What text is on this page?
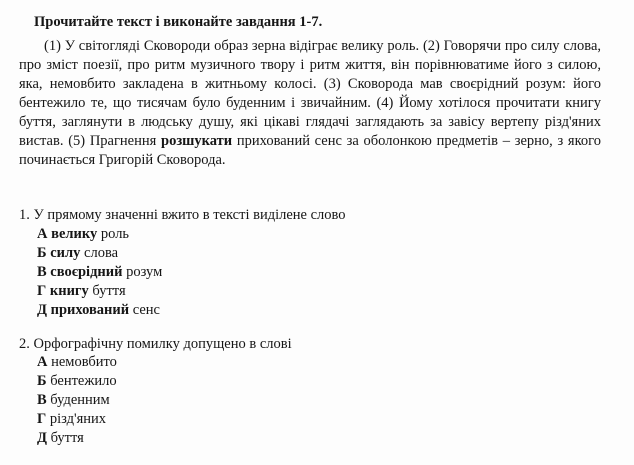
Прочитайте текст і виконайте завдання 1-7.
(1) У світогляді Сковороди образ зерна відіграє велику роль. (2) Говорячи про силу слова, про зміст поезії, про ритм музичного твору і ритм життя, він порівнюватиме його з силою, яка, немовбито закладена в житньому колосі. (3) Сковорода мав своєрідний розум: його бентежило те, що тисячам було буденним і звичайним. (4) Йому хотілося прочитати книгу буття, заглянути в людську душу, які цікаві глядачі заглядають за завісу вертепу різд'яних вистав. (5) Прагнення розшукати прихований сенс за оболонкою предметів – зерно, з якого починається Григорій Сковорода.
1. У прямому значенні вжито в тексті виділене слово
А велику роль
Б силу слова
В своєрідний розум
Г книгу буття
Д прихований сенс
2. Орфографічну помилку допущено в слові
А немовбито
Б бентежило
В буденним
Г різд'яних
Д буття
